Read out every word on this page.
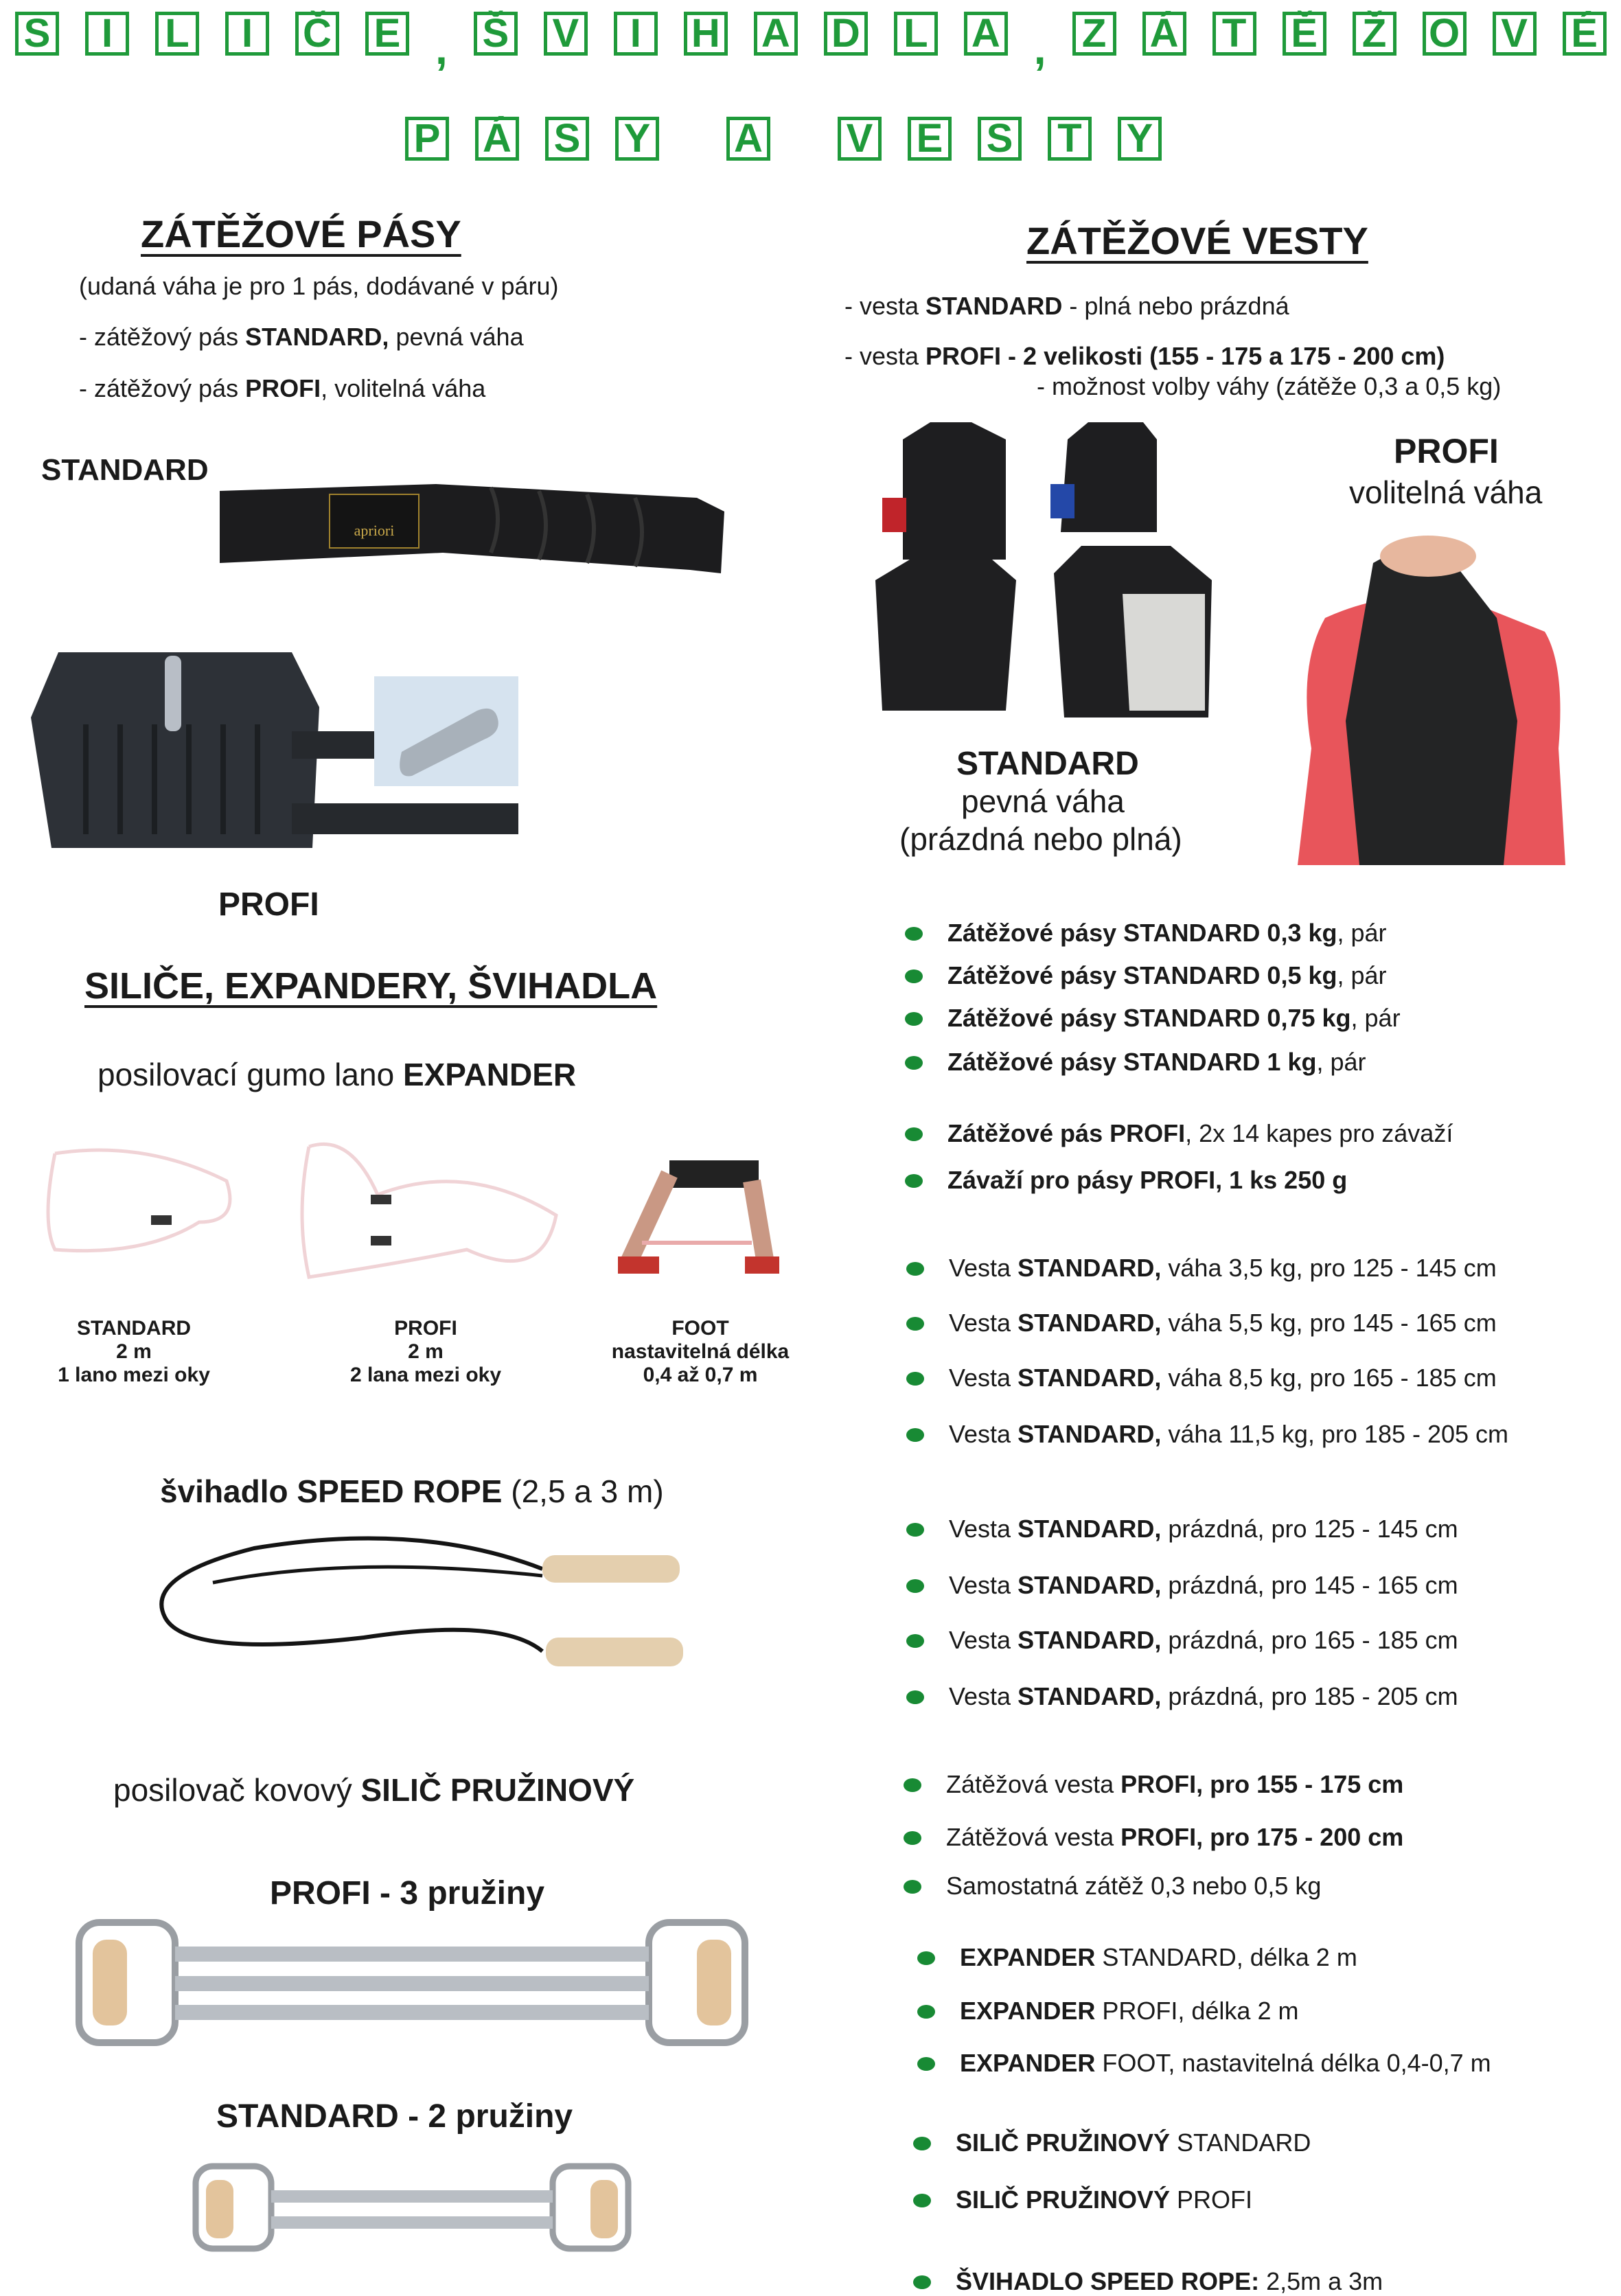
S	I	L	I	Č E , Š V	I	H A D L A , Z Á T Ě Ž O V É
P Á S Y A V E S T Y
ZÁTĚŽOVÉ PÁSY
(udaná váha je pro 1 pás, dodávané v páru)
- zátěžový pás STANDARD, pevná váha
- zátěžový pás PROFI, volitelná váha
STANDARD
apriori
PROFI
ZÁTĚŽOVÉ VESTY
- vesta STANDARD - plná nebo prázdná
- vesta PROFI - 2 velikosti (155 - 175 a 175 - 200 cm)
- možnost volby váhy (zátěže 0,3 a 0,5 kg)
PROFI
volitelná váha
STANDARD
pevná váha
(prázdná nebo plná)
SILIČE, EXPANDERY, ŠVIHADLA
posilovací gumo lano EXPANDER
STANDARD
2 m
1 lano mezi oky
PROFI
2 m
2 lana mezi oky
FOOT
nastavitelná délka
0,4 až 0,7 m
švihadlo SPEED ROPE (2,5 a 3 m)
posilovač kovový SILIČ PRUŽINOVÝ
PROFI - 3 pružiny
STANDARD - 2 pružiny
Zátěžové pásy STANDARD 0,3 kg, pár
Zátěžové pásy STANDARD 0,5 kg, pár
Zátěžové pásy STANDARD 0,75 kg, pár
Zátěžové pásy STANDARD 1 kg, pár
Zátěžové pás PROFI, 2x 14 kapes pro závaží
Závaží pro pásy PROFI, 1 ks 250 g
Vesta STANDARD, váha 3,5 kg, pro 125 - 145 cm
Vesta STANDARD, váha 5,5 kg, pro 145 - 165 cm
Vesta STANDARD, váha 8,5 kg, pro 165 - 185 cm
Vesta STANDARD, váha 11,5 kg, pro 185 - 205 cm
Vesta STANDARD, prázdná, pro 125 - 145 cm
Vesta STANDARD, prázdná, pro 145 - 165 cm
Vesta STANDARD, prázdná, pro 165 - 185 cm
Vesta STANDARD, prázdná, pro 185 - 205 cm
Zátěžová vesta PROFI, pro 155 - 175 cm
Zátěžová vesta PROFI, pro 175 - 200 cm
Samostatná zátěž 0,3 nebo 0,5 kg
EXPANDER STANDARD, délka 2 m
EXPANDER PROFI, délka 2 m
EXPANDER FOOT, nastavitelná délka 0,4-0,7 m
SILIČ PRUŽINOVÝ STANDARD
SILIČ PRUŽINOVÝ PROFI
ŠVIHADLO SPEED ROPE: 2,5m a 3m
